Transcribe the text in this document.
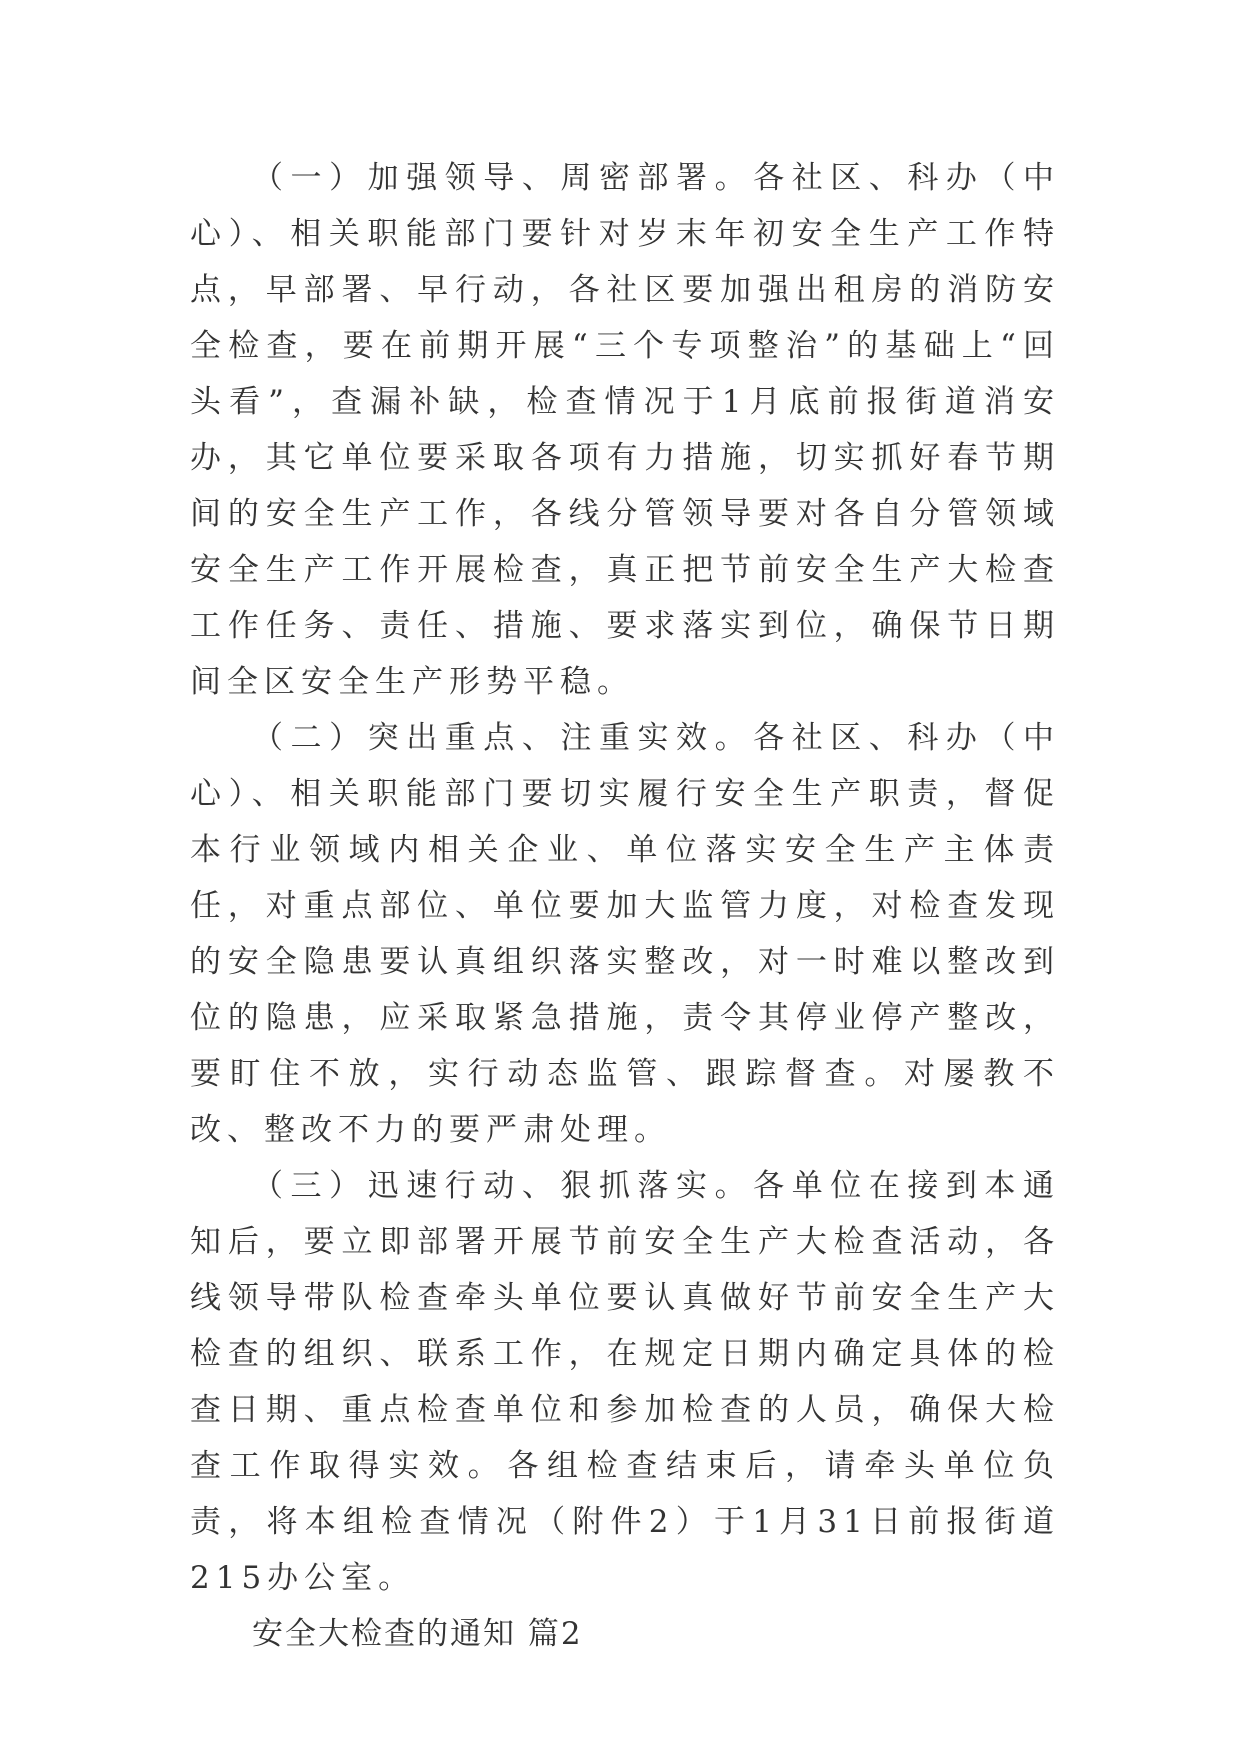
（一）加强领导、周密部署。各社区、科办（中心）、相关职能部门要针对岁末年初安全生产工作特点，早部署、早行动，各社区要加强出租房的消防安全检查，要在前期开展“三个专项整治”的基础上“回头看”，查漏补缺，检查情况于1月底前报街道消安办，其它单位要采取各项有力措施，切实抓好春节期间的安全生产工作，各线分管领导要对各自分管领域安全生产工作开展检查，真正把节前安全生产大检查工作任务、责任、措施、要求落实到位，确保节日期间全区安全生产形势平稳。

（二）突出重点、注重实效。各社区、科办（中心）、相关职能部门要切实履行安全生产职责，督促本行业领域内相关企业、单位落实安全生产主体责任，对重点部位、单位要加大监管力度，对检查发现的安全隐患要认真组织落实整改，对一时难以整改到位的隐患，应采取紧急措施，责令其停业停产整改，要盯住不放，实行动态监管、跟踪督查。对屡教不改、整改不力的要严肃处理。

（三）迅速行动、狠抓落实。各单位在接到本通知后，要立即部署开展节前安全生产大检查活动，各线领导带队检查牵头单位要认真做好节前安全生产大检查的组织、联系工作，在规定日期内确定具体的检查日期、重点检查单位和参加检查的人员，确保大检查工作取得实效。各组检查结束后，请牵头单位负责，将本组检查情况（附件2）于1月31日前报街道215办公室。

安全大检查的通知 篇2
